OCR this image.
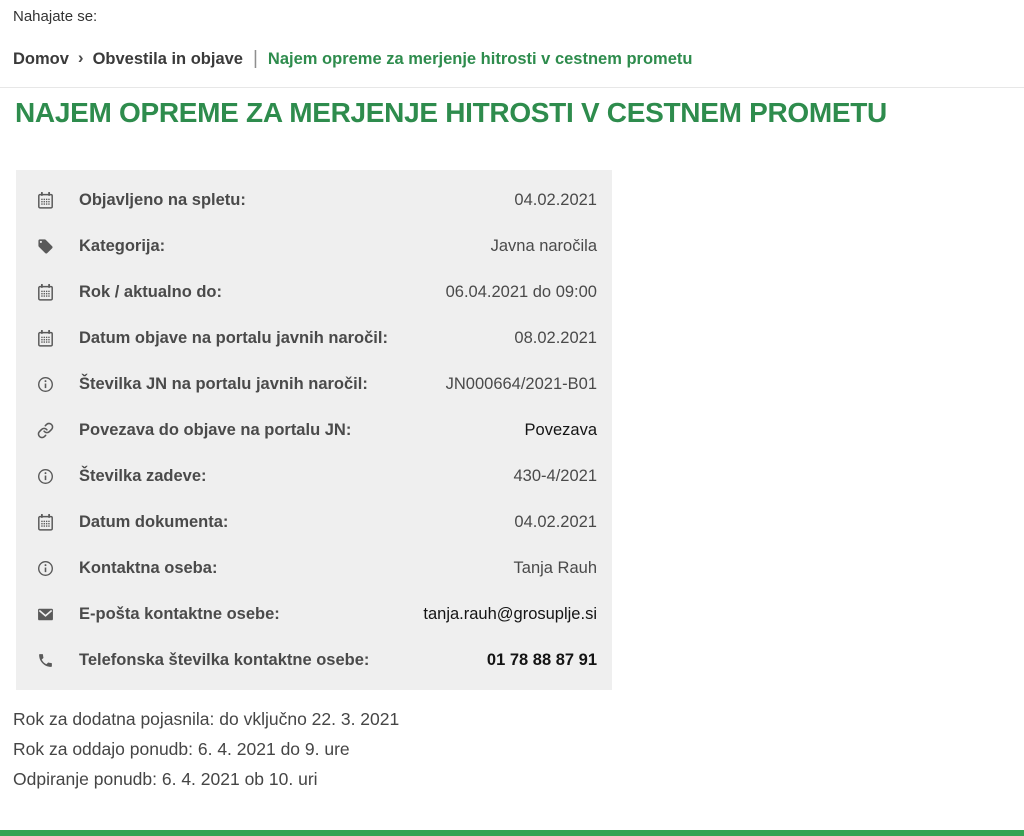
Nahajate se:
Domov › Obvestila in objave | Najem opreme za merjenje hitrosti v cestnem prometu
NAJEM OPREME ZA MERJENJE HITROSTI V CESTNEM PROMETU
Objavljeno na spletu:	04.02.2021
Kategorija:	Javna naročila
Rok / aktualno do:	06.04.2021 do 09:00
Datum objave na portalu javnih naročil:	08.02.2021
Številka JN na portalu javnih naročil:	JN000664/2021-B01
Povezava do objave na portalu JN:	Povezava
Številka zadeve:	430-4/2021
Datum dokumenta:	04.02.2021
Kontaktna oseba:	Tanja Rauh
E-pošta kontaktne osebe:	tanja.rauh@grosuplje.si
Telefonska številka kontaktne osebe:	01 78 88 87 91

Rok za dodatna pojasnila: do vključno 22. 3. 2021

Rok za oddajo ponudb: 6. 4. 2021 do 9. ure

Odpiranje ponudb: 6. 4. 2021 ob 10. uri
